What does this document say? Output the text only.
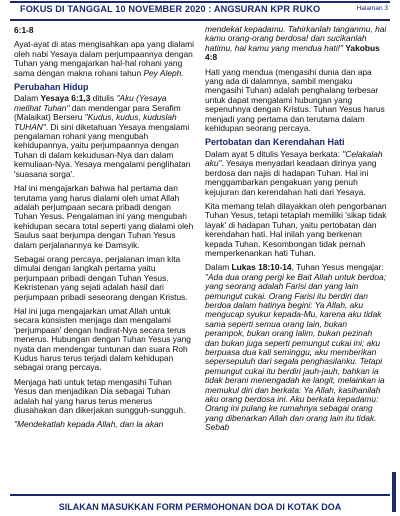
FOKUS DI TANGGAL 10 NOVEMBER 2020 : ANGSURAN KPR RUKO	Halaman 3

6:1-8

Ayat-ayat di atas mengisahkan apa yang dialami oleh nabi Yesaya dalam perjumpaannya dengan Tuhan yang mengajarkan hal-hal rohani yang sama dengan makna rohani tahun Pey Aleph.

Perubahan Hidup

Dalam Yesaya 6:1,3 ditulis "Aku (Yesaya melihat Tuhan" dan mendengar para Serafim (Malaikat) Berseru "Kudus, kudus, kuduslah TUHAN". Di sini diketahuan Yesaya mengalami pengalaman rohani yang mengubah kehidupannya, yaitu perjumpaannya dengan Tuhan di dalam kekudusan-Nya dan dalam kemuliaan-Nya. Yesaya mengalami penglihatan 'suasana sorga'.

Hal ini mengajarkan bahwa hal pertama dan terutama yang harus dialami oleh umat Allah adalah perjumpaan secara pribadi dengan Tuhan Yesus. Pengalaman ini yang mengubah kehidupan secara total seperti yang dialami oleh Saulus saat berjumpa dengan Tuhan Yesus dalam perjalanannya ke Damsyik.

Sebagai orang percaya, perjalanan iman kita dimulai dengan langkah pertama yaitu perjumpaan pribadi dengan Tuhan Yesus. Kekristenan yang sejati adalah hasil dari perjumpaan pribadi seseorang dengan Kristus.

Hal ini juga mengajarkan umat Allah untuk secara konsisten menjaga dan mengalami 'perjumpaan' dengan hadirat-Nya secara terus menerus. Hubungan dengan Tuhan Yesus yang nyata dan mendengar tuntunan dan suara Roh Kudus harus terus terjadi dalam kehidupan sebagai orang percaya.

Menjaga hati untuk tetap mengasihi Tuhan Yesus dan menjadikan Dia sebagai Tuhan adalah hal yang harus terus menerus diusahakan dan dikerjakan sungguh-sungguh.

"Mendekatlah kepada Allah, dan la akan

mendekat kepadamu. Tahirkanlah tanganmu, hai kamu orang-orang berdosa! dan sucikanlah hatimu, hai kamu yang mendua hati!" Yakobus 4:8

Hati yang mendua (mengasihi dunia dan apa yang ada di dalamnya, sambil mengaku mengasihi Tuhan) adalah penghalang terbesar untuk dapat mengalami hubungan yang sepenuhnya dengan Kristus. Tuhan Yesus harus menjadi yang pertama dan terutama dalam kehidupan seorang percaya.

Pertobatan dan Kerendahan Hati

Dalam ayat 5 ditulis Yesaya berkata: "Celakalah aku". Yesaya menyadari keadaan dirinya yang berdosa dan najis di hadapan Tuhan. Hal ini menggambarkan pengakuan yang penuh kejujuran dan kerendahan hati dari Yesaya.

Kita memang telah dilayakkan oleh pengorbanan Tuhan Yesus, tetapi tetaplah memiliki 'sikap tidak layak' di hadapan Tuhan, yaitu pertobatan dan kerendahan hati. Hal inilah yang berkenan kepada Tuhan. Kesombongan tidak pernah memperkenankan hati Tuhan.

Dalam Lukas 18:10-14, Tuhan Yesus mengajar: "Ada dua orang pergi ke Bait Allah untuk berdoa; yang seorang adalah Farisi dan yang lain pemungut cukai. Orang Farisi itu berdiri dan berdoa dalam hatinya begini: Ya Allah, aku mengucap syukur kepada-Mu, karena aku tidak sama seperti semua orang lain, bukan perampok, bukan orang lalim, bukan pezinah dan bukan juga seperti pemungut cukai ini; aku berpuasa dua kali seminggu, aku memberikan sepersepuluh dari segala penghasilanku. Tetapi pemungut cukai itu berdiri jauh-jauh, bahkan ia tidak berani menengadah ke langit, melainkan ia memukul diri dan berkata: Ya Allah, kasihanilah aku orang berdosa ini. Aku berkata kepadamu: Orang ini pulang ke rumahnya sebagai orang yang dibenarkan Allah dan orang lain itu tidak. Sebab

SILAKAN MASUKKAN FORM PERMOHONAN DOA DI KOTAK DOA
